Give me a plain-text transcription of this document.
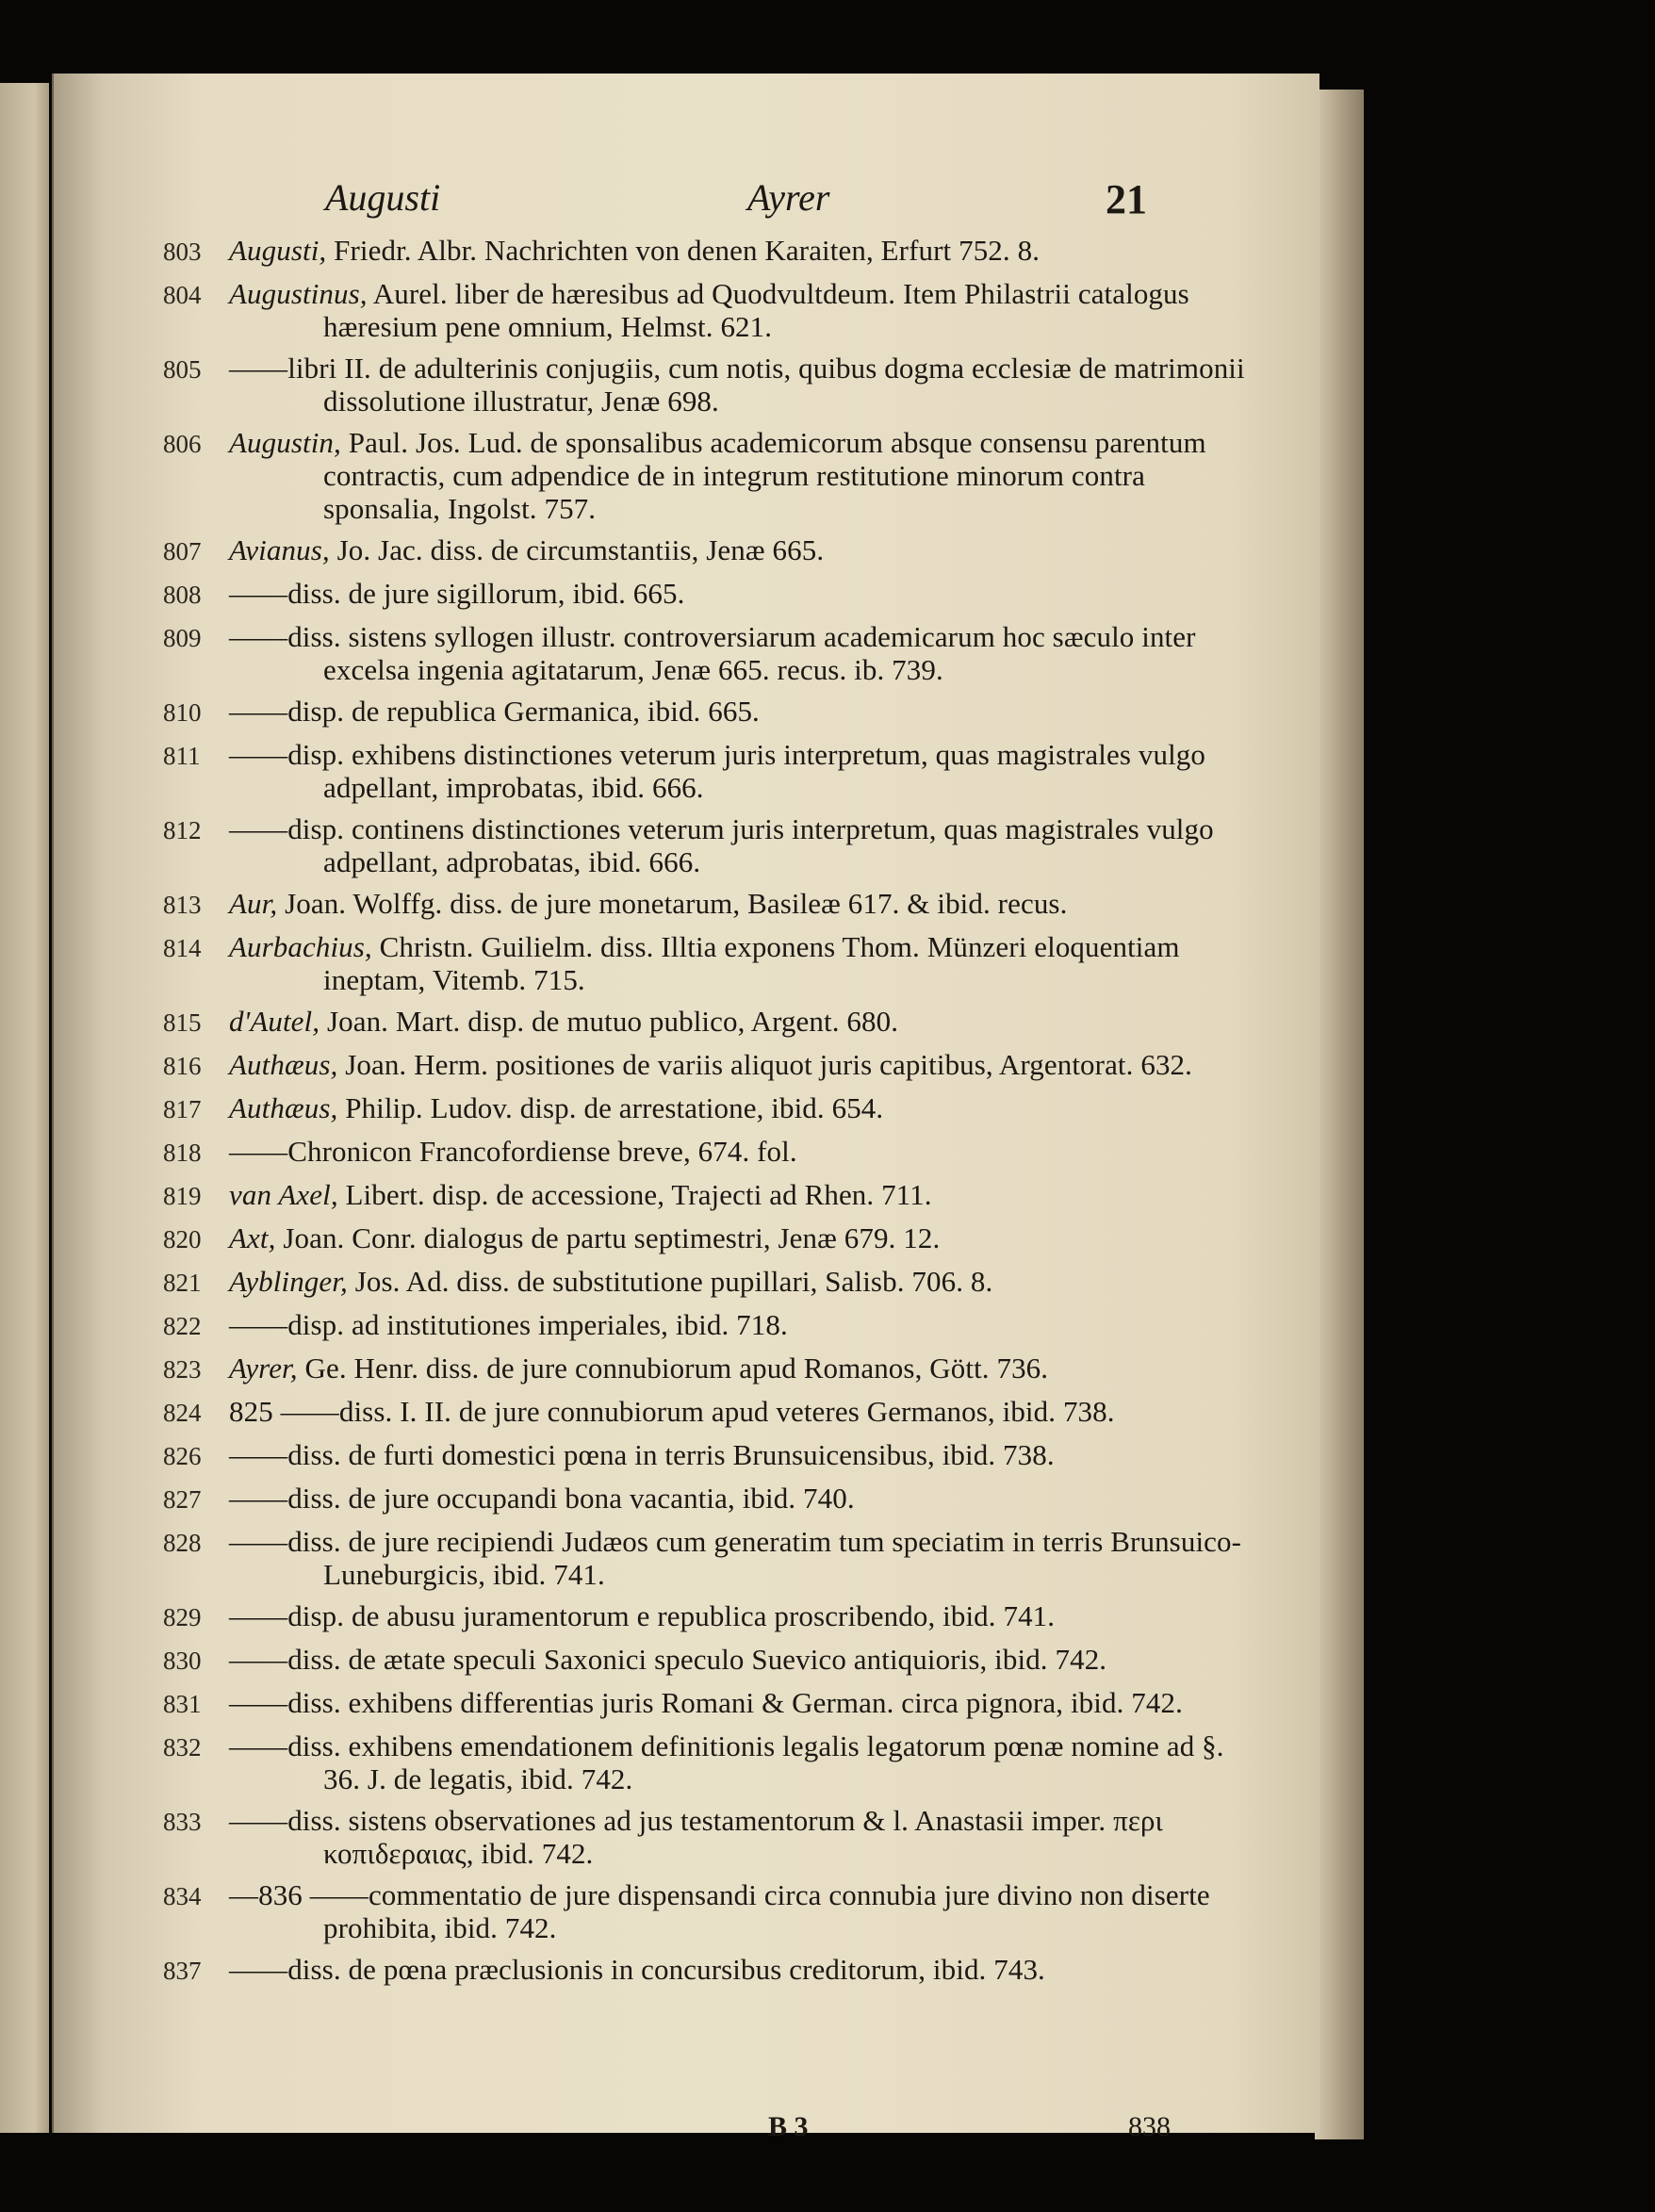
Augusti	Ayrer	21
803 Augusti, Friedr. Albr. Nachrichten von denen Karaiten, Erfurt 752. 8.
804 Augustinus, Aurel. liber de hæresibus ad Quodvultdeum. Item Philastrii catalogus hæresium pene omnium, Helmst. 621.
805 ——libri II. de adulterinis conjugiis, cum notis, quibus dogma ecclesiæ de matrimonii dissolutione illustratur, Jenæ 698.
806 Augustin, Paul. Jos. Lud. de sponsalibus academicorum absque consensu parentum contractis, cum adpendice de in integrum restitutione minorum contra sponsalia, Ingolst. 757.
807 Avianus, Jo. Jac. diss. de circumstantiis, Jenæ 665.
808 ——diss. de jure sigillorum, ibid. 665.
809 ——diss. sistens syllogen illustr. controversiarum academicarum hoc sæculo inter excelsa ingenia agitatarum, Jenæ 665. recus. ib. 739.
810 ——disp. de republica Germanica, ibid. 665.
811 ——disp. exhibens distinctiones veterum juris interpretum, quas magistrales vulgo adpellant, improbatas, ibid. 666.
812 ——disp. continens distinctiones veterum juris interpretum, quas magistrales vulgo adpellant, adprobatas, ibid. 666.
813 Aur, Joan. Wolffg. diss. de jure monetarum, Basileæ 617. & ibid. recus.
814 Aurbachius, Christn. Guilielm. diss. Illtia exponens Thom. Münzeri eloquentiam ineptam, Vitemb. 715.
815 d'Autel, Joan. Mart. disp. de mutuo publico, Argent. 680.
816 Authæus, Joan. Herm. positiones de variis aliquot juris capitibus, Argentorat. 632.
817 Authæus, Philip. Ludov. disp. de arrestatione, ibid. 654.
818 ——Chronicon Francofordiense breve, 674. fol.
819 van Axel, Libert. disp. de accessione, Trajecti ad Rhen. 711.
820 Axt, Joan. Conr. dialogus de partu septimestri, Jenæ 679. 12.
821 Ayblinger, Jos. Ad. diss. de substitutione pupillari, Salisb. 706. 8.
822 ——disp. ad institutiones imperiales, ibid. 718.
823 Ayrer, Ge. Henr. diss. de jure connubiorum apud Romanos, Gött. 736.
824 825 ——diss. I. II. de jure connubiorum apud veteres Germanos, ibid. 738.
826 ——diss. de furti domestici pœna in terris Brunsuicensibus, ibid. 738.
827 ——diss. de jure occupandi bona vacantia, ibid. 740.
828 ——diss. de jure recipiendi Judæos cum generatim tum speciatim in terris Brunsuico-Luneburgicis, ibid. 741.
829 ——disp. de abusu juramentorum e republica proscribendo, ibid. 741.
830 ——diss. de ætate speculi Saxonici speculo Suevico antiquioris, ibid. 742.
831 ——diss. exhibens differentias juris Romani & German. circa pignora, ibid. 742.
832 ——diss. exhibens emendationem definitionis legalis legatorum pœnæ nomine ad §. 36. J. de legatis, ibid. 742.
833 ——diss. sistens observationes ad jus testamentorum & l. Anastasii imper. περι κοπιδεραιας, ibid. 742.
834 —836 ——commentatio de jure dispensandi circa connubia jure divino non diserte prohibita, ibid. 742.
837 ——diss. de pœna præclusionis in concursibus creditorum, ibid. 743.
B 3	838
